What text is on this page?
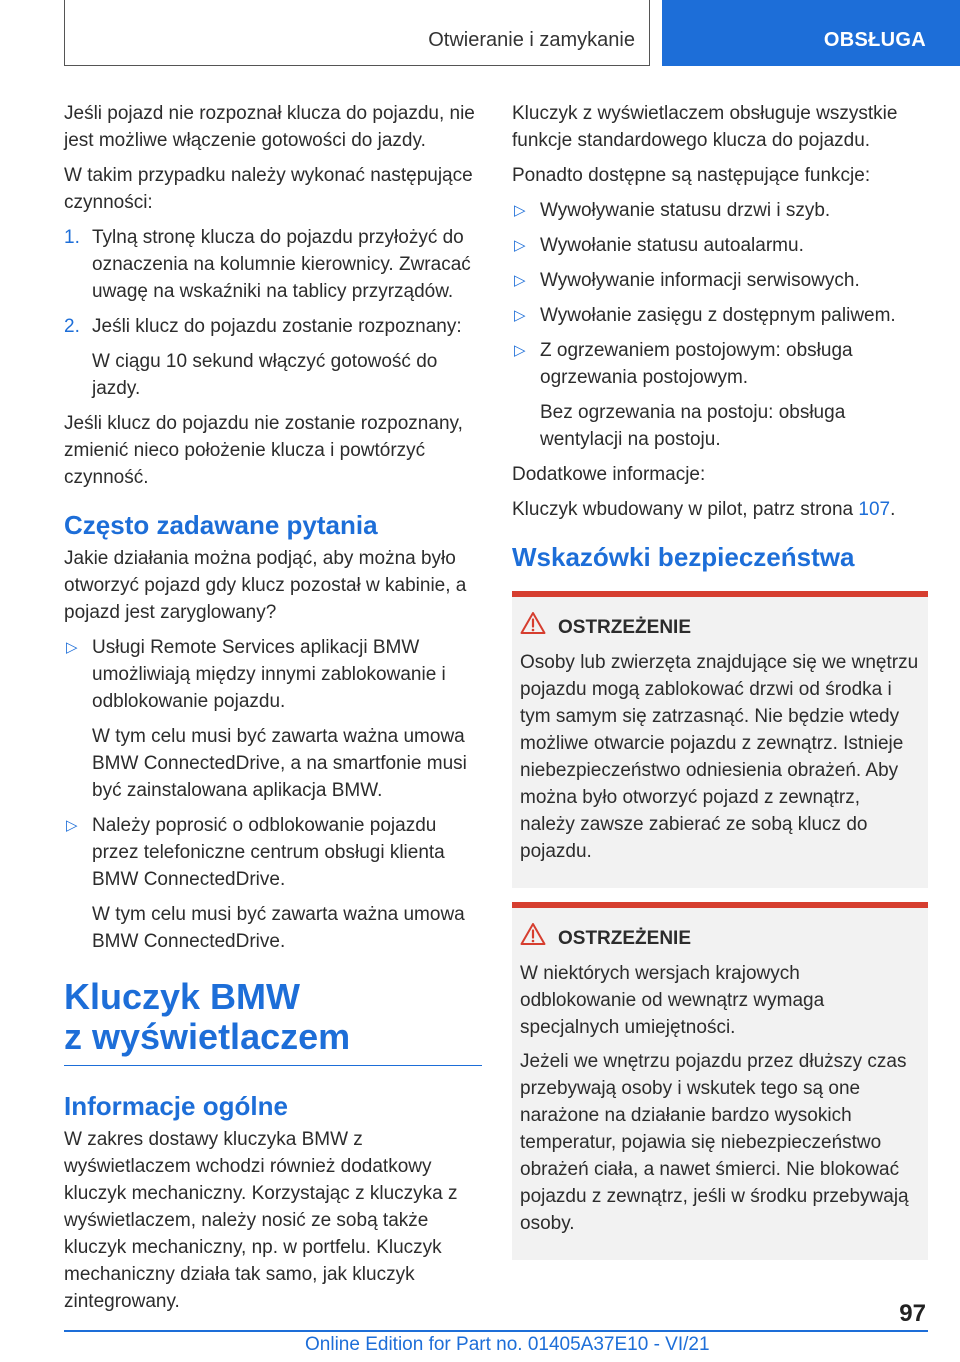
Otwieranie i zamykanie	OBSŁUGA

Jeśli pojazd nie rozpoznał klucza do pojazdu, nie jest możliwe włączenie gotowości do jazdy.

W takim przypadku należy wykonać następujące czynności:

1. Tylną stronę klucza do pojazdu przyłożyć do oznaczenia na kolumnie kierownicy. Zwracać uwagę na wskaźniki na tablicy przyrządów.
2. Jeśli klucz do pojazdu zostanie rozpoznany:
W ciągu 10 sekund włączyć gotowość do jazdy.

Jeśli klucz do pojazdu nie zostanie rozpoznany, zmienić nieco położenie klucza i powtórzyć czynność.

Często zadawane pytania

Jakie działania można podjąć, aby można było otworzyć pojazd gdy klucz pozostał w kabinie, a pojazd jest zaryglowany?

▷ Usługi Remote Services aplikacji BMW umożliwiają między innymi zablokowanie i odblokowanie pojazdu.
W tym celu musi być zawarta ważna umowa BMW ConnectedDrive, a na smartfonie musi być zainstalowana aplikacja BMW.
▷ Należy poprosić o odblokowanie pojazdu przez telefoniczne centrum obsługi klienta BMW ConnectedDrive.
W tym celu musi być zawarta ważna umowa BMW ConnectedDrive.
Kluczyk BMW
z wyświetlaczem
Informacje ogólne

W zakres dostawy kluczyka BMW z wyświetlaczem wchodzi również dodatkowy kluczyk mechaniczny. Korzystając z kluczyka z wyświetlaczem, należy nosić ze sobą także kluczyk mechaniczny, np. w portfelu. Kluczyk mechaniczny działa tak samo, jak kluczyk zintegrowany.

Kluczyk z wyświetlaczem obsługuje wszystkie funkcje standardowego klucza do pojazdu.

Ponadto dostępne są następujące funkcje:

▷ Wywoływanie statusu drzwi i szyb.
▷ Wywołanie statusu autoalarmu.
▷ Wywoływanie informacji serwisowych.
▷ Wywołanie zasięgu z dostępnym paliwem.
▷ Z ogrzewaniem postojowym: obsługa ogrzewania postojowym.
Bez ogrzewania na postoju: obsługa wentylacji na postoju.

Dodatkowe informacje:

Kluczyk wbudowany w pilot, patrz strona 107.

Wskazówki bezpieczeństwa
OSTRZEŻENIE

Osoby lub zwierzęta znajdujące się we wnętrzu pojazdu mogą zablokować drzwi od środka i tym samym się zatrzasnąć. Nie będzie wtedy możliwe otwarcie pojazdu z zewnątrz. Istnieje niebezpieczeństwo odniesienia obrażeń. Aby można było otworzyć pojazd z zewnątrz, należy zawsze zabierać ze sobą klucz do pojazdu.

OSTRZEŻENIE

W niektórych wersjach krajowych odblokowanie od wewnątrz wymaga specjalnych umiejętności.

Jeżeli we wnętrzu pojazdu przez dłuższy czas przebywają osoby i wskutek tego są one narażone na działanie bardzo wysokich temperatur, pojawia się niebezpieczeństwo obrażeń ciała, a nawet śmierci. Nie blokować pojazdu z zewnątrz, jeśli w środku przebywają osoby.

97
Online Edition for Part no. 01405A37E10 - VI/21
